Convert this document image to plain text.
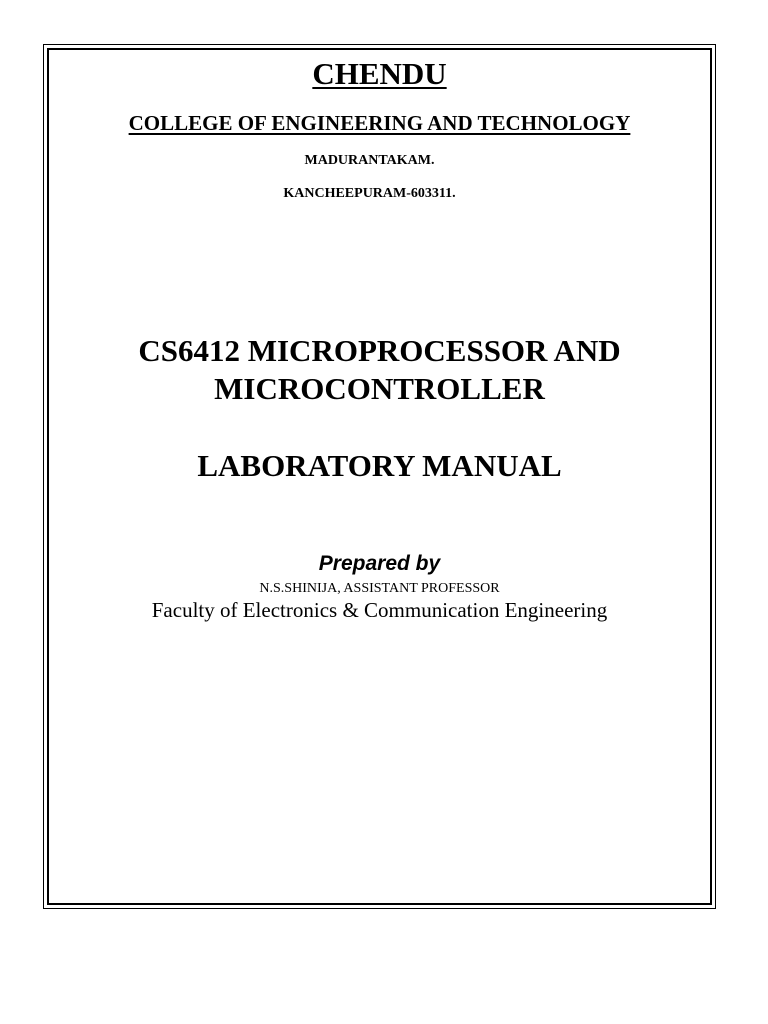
CHENDU
COLLEGE OF ENGINEERING AND TECHNOLOGY
MADURANTAKAM.
KANCHEEPURAM-603311.
CS6412 MICROPROCESSOR AND
MICROCONTROLLER
LABORATORY MANUAL
Prepared by
N.S.SHINIJA, ASSISTANT PROFESSOR
Faculty of Electronics & Communication Engineering
